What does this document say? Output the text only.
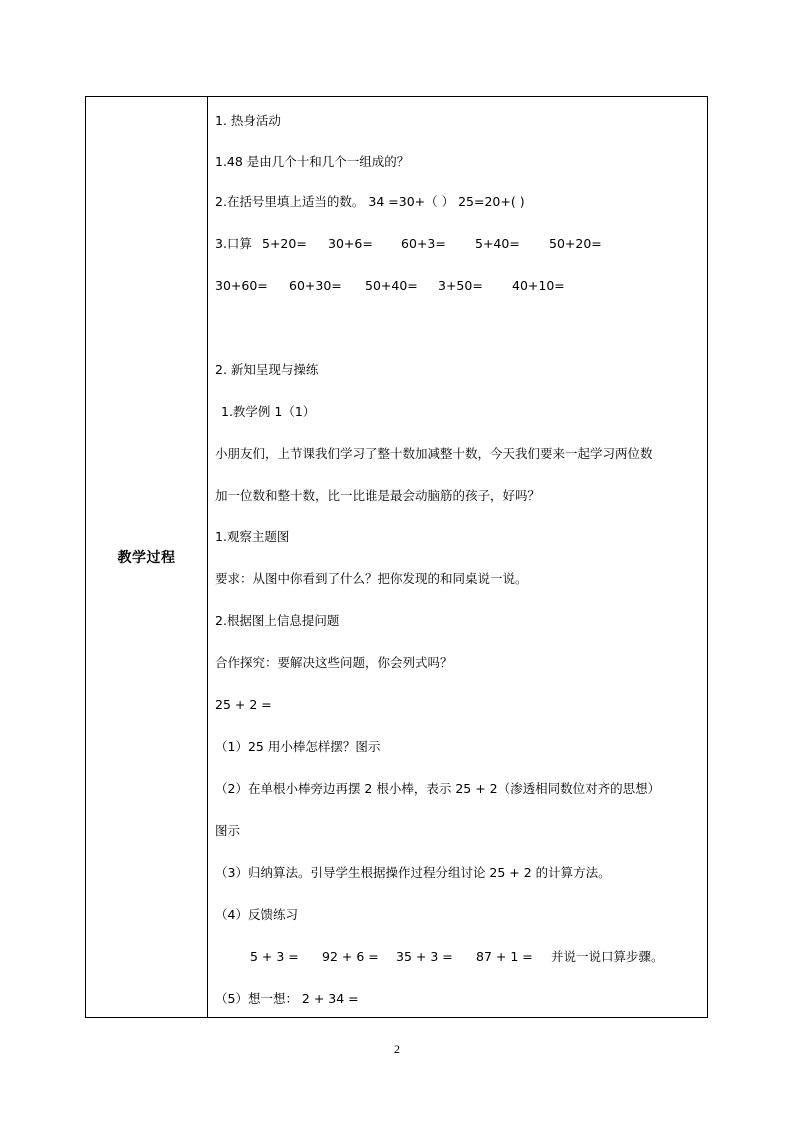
教学过程
1. 热身活动
1.48 是由几个十和几个一组成的？
2.在括号里填上适当的数。 34 =30+（ ） 25=20+( )
3.口算 5+20= 30+6= 60+3= 5+40= 50+20=
30+60= 60+30= 50+40= 3+50= 40+10=
2. 新知呈现与操练
1.教学例 1（1）
小朋友们，上节课我们学习了整十数加减整十数，今天我们要来一起学习两位数
加一位数和整十数，比一比谁是最会动脑筋的孩子，好吗？
1.观察主题图
要求：从图中你看到了什么？把你发现的和同桌说一说。
2.根据图上信息提问题
合作探究：要解决这些问题，你会列式吗？
25 + 2 =
（1）25 用小棒怎样摆？图示
（2）在单根小棒旁边再摆 2 根小棒，表示 25 + 2（渗透相同数位对齐的思想）
图示
（3）归纳算法。引导学生根据操作过程分组讨论 25 + 2 的计算方法。
（4）反馈练习
5 + 3 = 92 + 6 = 35 + 3 = 87 + 1 = 并说一说口算步骤。
（5）想一想： 2 + 34 =
2
